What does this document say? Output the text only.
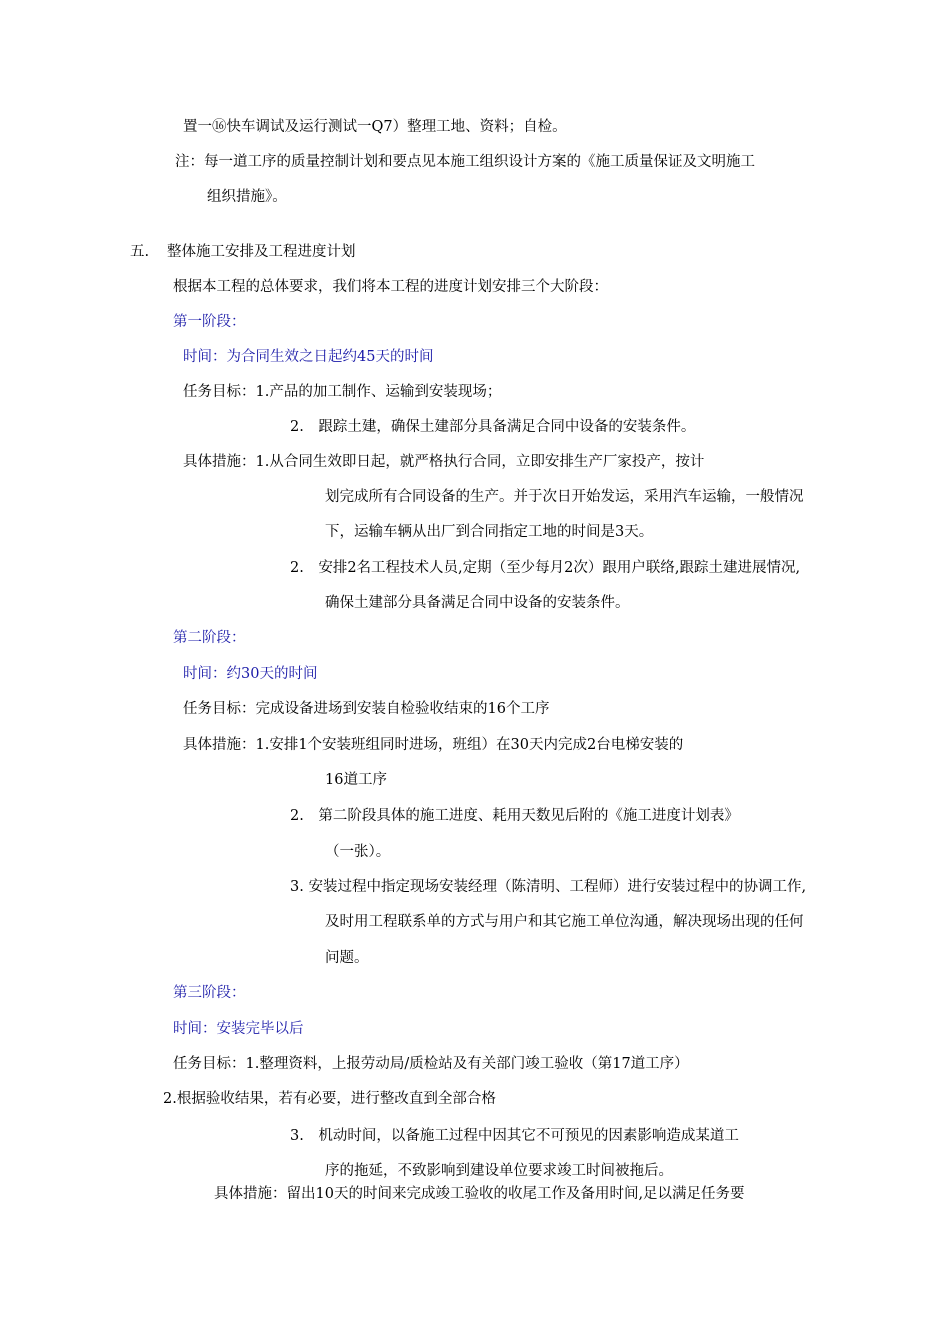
置一⑯快车调试及运行测试一Q7）整理工地、资料；自检。
注：每一道工序的质量控制计划和要点见本施工组织设计方案的《施工质量保证及文明施工
组织措施》。
五. 整体施工安排及工程进度计划
根据本工程的总体要求，我们将本工程的进度计划安排三个大阶段：
第一阶段：
时间：为合同生效之日起约45天的时间
任务目标：1.产品的加工制作、运输到安装现场；
2.　跟踪土建，确保土建部分具备满足合同中设备的安装条件。
具体措施：1.从合同生效即日起，就严格执行合同，立即安排生产厂家投产，按计
划完成所有合同设备的生产。并于次日开始发运，采用汽车运输，一般情况
下，运输车辆从出厂到合同指定工地的时间是3天。
2.　安排2名工程技术人员,定期（至少每月2次）跟用户联络,跟踪土建进展情况,
确保土建部分具备满足合同中设备的安装条件。
第二阶段：
时间：约30天的时间
任务目标：完成设备进场到安装自检验收结束的16个工序
具体措施：1.安排1个安装班组同时进场，班组）在30天内完成2台电梯安装的
16道工序
2.　第二阶段具体的施工进度、耗用天数见后附的《施工进度计划表》
（一张）。
3. 安装过程中指定现场安装经理（陈清明、工程师）进行安装过程中的协调工作,
及时用工程联系单的方式与用户和其它施工单位沟通，解决现场出现的任何
问题。
第三阶段：
时间：安装完毕以后
任务目标：1.整理资料，上报劳动局/质检站及有关部门竣工验收（第17道工序）
2.根据验收结果，若有必要，进行整改直到全部合格
3.　机动时间，以备施工过程中因其它不可预见的因素影响造成某道工
序的拖延，不致影响到建设单位要求竣工时间被拖后。
具体措施：留出10天的时间来完成竣工验收的收尾工作及备用时间,足以满足任务要
